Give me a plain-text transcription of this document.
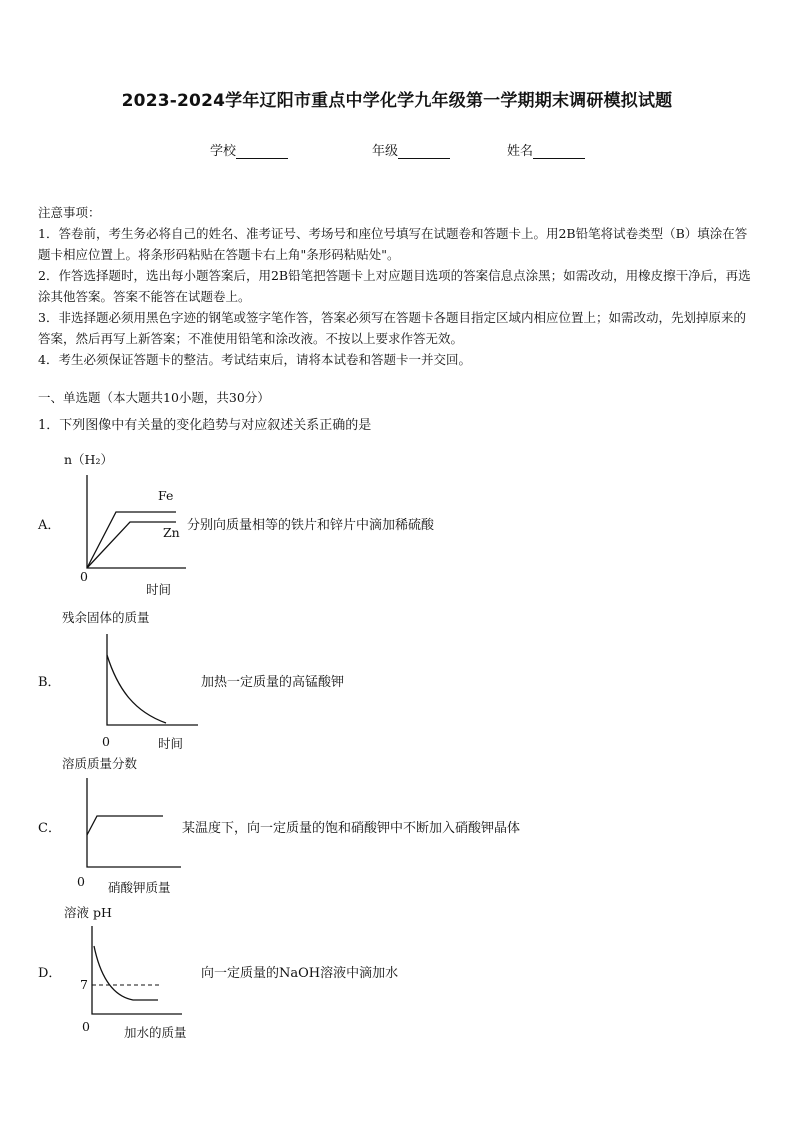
2023-2024学年辽阳市重点中学化学九年级第一学期期末调研模拟试题
学校	年级	姓名
注意事项：
1．答卷前，考生务必将自己的姓名、准考证号、考场号和座位号填写在试题卷和答题卡上。用2B铅笔将试卷类型（B）填涂在答题卡相应位置上。将条形码粘贴在答题卡右上角"条形码粘贴处"。
2．作答选择题时，选出每小题答案后，用2B铅笔把答题卡上对应题目选项的答案信息点涂黑；如需改动，用橡皮擦干净后，再选涂其他答案。答案不能答在试题卷上。
3．非选择题必须用黑色字迹的钢笔或签字笔作答，答案必须写在答题卡各题目指定区域内相应位置上；如需改动，先划掉原来的答案，然后再写上新答案；不准使用铅笔和涂改液。不按以上要求作答无效。
4．考生必须保证答题卡的整洁。考试结束后，请将本试卷和答题卡一并交回。
一、单选题（本大题共10小题，共30分）
1．下列图像中有关量的变化趋势与对应叙述关系正确的是
n（H₂）
A．	分别向质量相等的铁片和锌片中滴加稀硫酸
Fe
Zn
0
时间
残余固体的质量
B．	加热一定质量的高锰酸钾
0	时间
溶质质量分数
C．	某温度下，向一定质量的饱和硝酸钾中不断加入硝酸钾晶体
0 硝酸钾质量
溶液 pH
D．	向一定质量的NaOH溶液中滴加水
7
0	加水的质量
